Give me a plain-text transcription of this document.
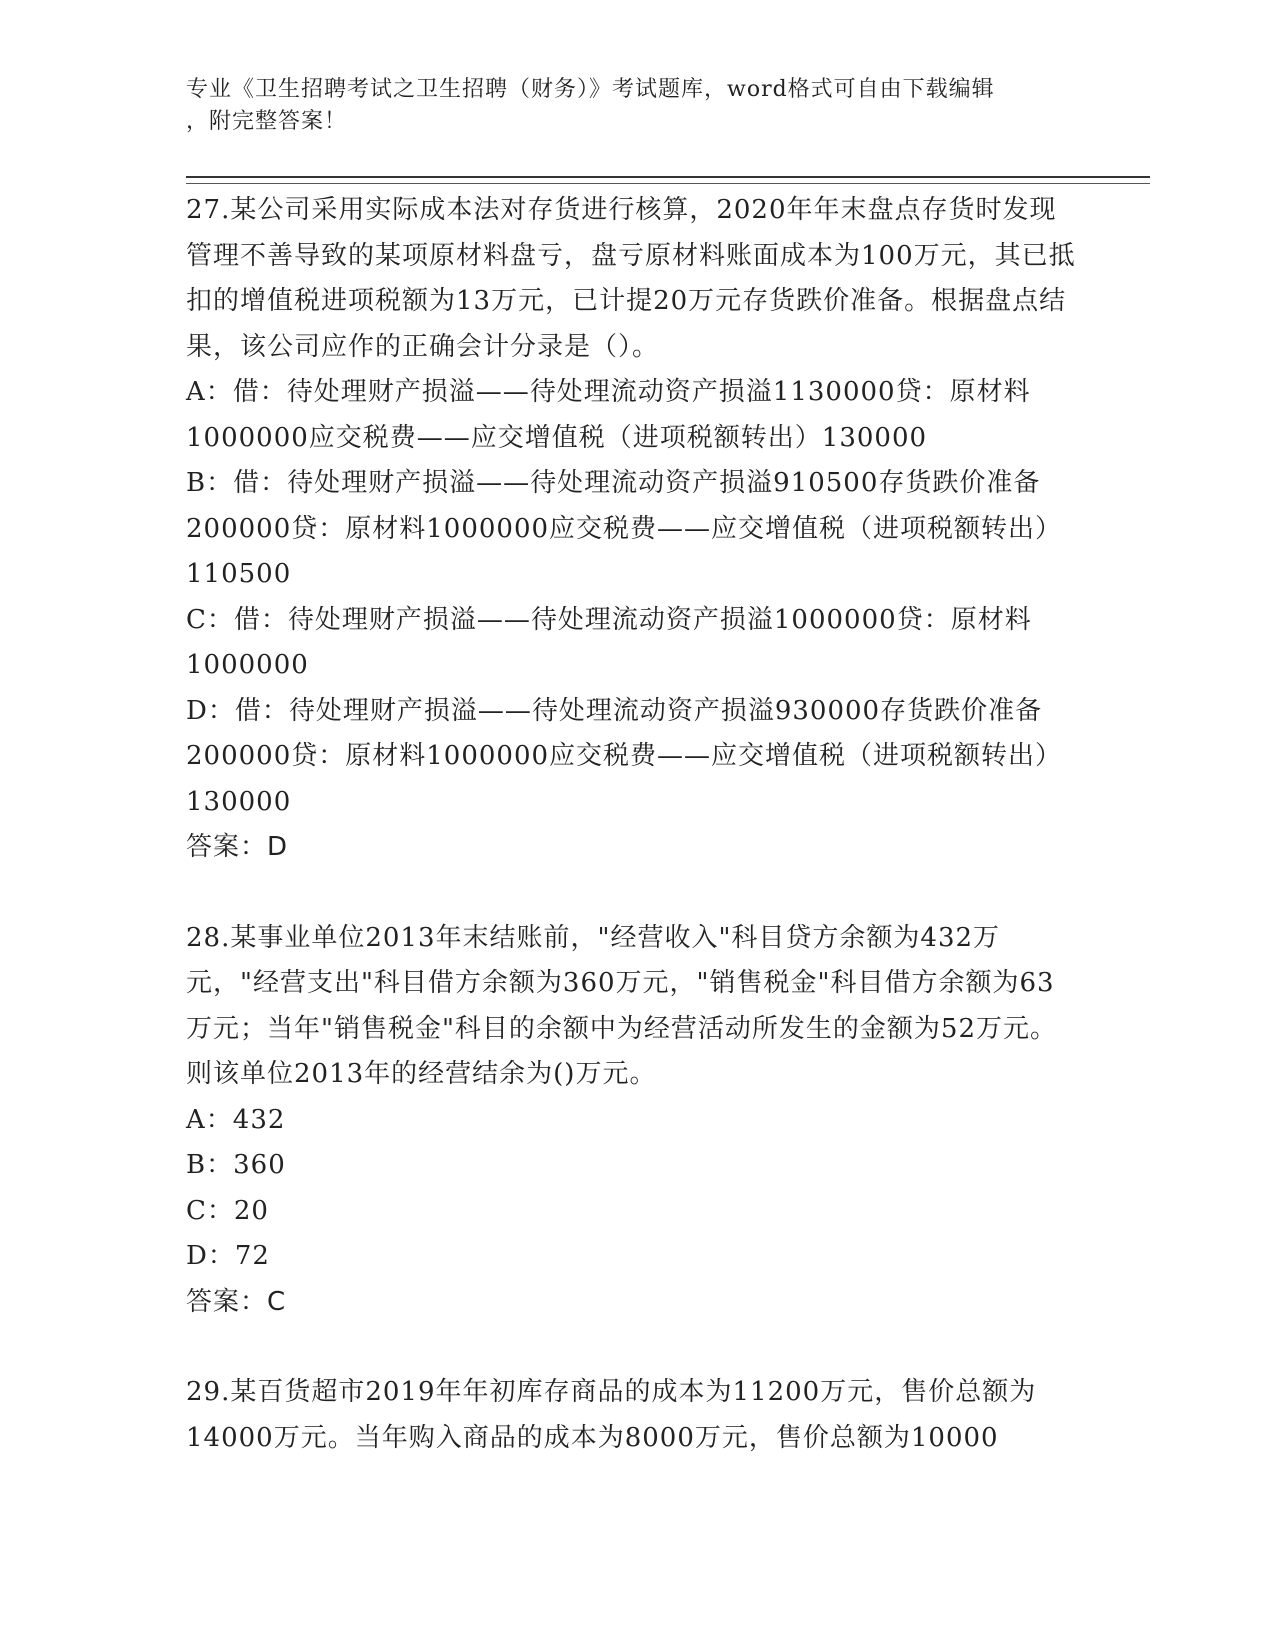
专业《卫生招聘考试之卫生招聘（财务）》考试题库，word格式可自由下载编辑
，附完整答案！

27.某公司采用实际成本法对存货进行核算，2020年年末盘点存货时发现管理不善导致的某项原材料盘亏，盘亏原材料账面成本为100万元，其已抵扣的增值税进项税额为13万元，已计提20万元存货跌价准备。根据盘点结果，该公司应作的正确会计分录是（）。

A：借：待处理财产损溢——待处理流动资产损溢1130000贷：原材料1000000应交税费——应交增值税（进项税额转出）130000

B：借：待处理财产损溢——待处理流动资产损溢910500存货跌价准备200000贷：原材料1000000应交税费——应交增值税（进项税额转出）110500

C：借：待处理财产损溢——待处理流动资产损溢1000000贷：原材料1000000

D：借：待处理财产损溢——待处理流动资产损溢930000存货跌价准备200000贷：原材料1000000应交税费——应交增值税（进项税额转出）130000

答案：D

28.某事业单位2013年末结账前，"经营收入"科目贷方余额为432万元，"经营支出"科目借方余额为360万元，"销售税金"科目借方余额为63万元；当年"销售税金"科目的余额中为经营活动所发生的金额为52万元。则该单位2013年的经营结余为()万元。

A：432

B：360

C：20

D：72

答案：C

29.某百货超市2019年年初库存商品的成本为11200万元，售价总额为14000万元。当年购入商品的成本为8000万元，售价总额为10000
